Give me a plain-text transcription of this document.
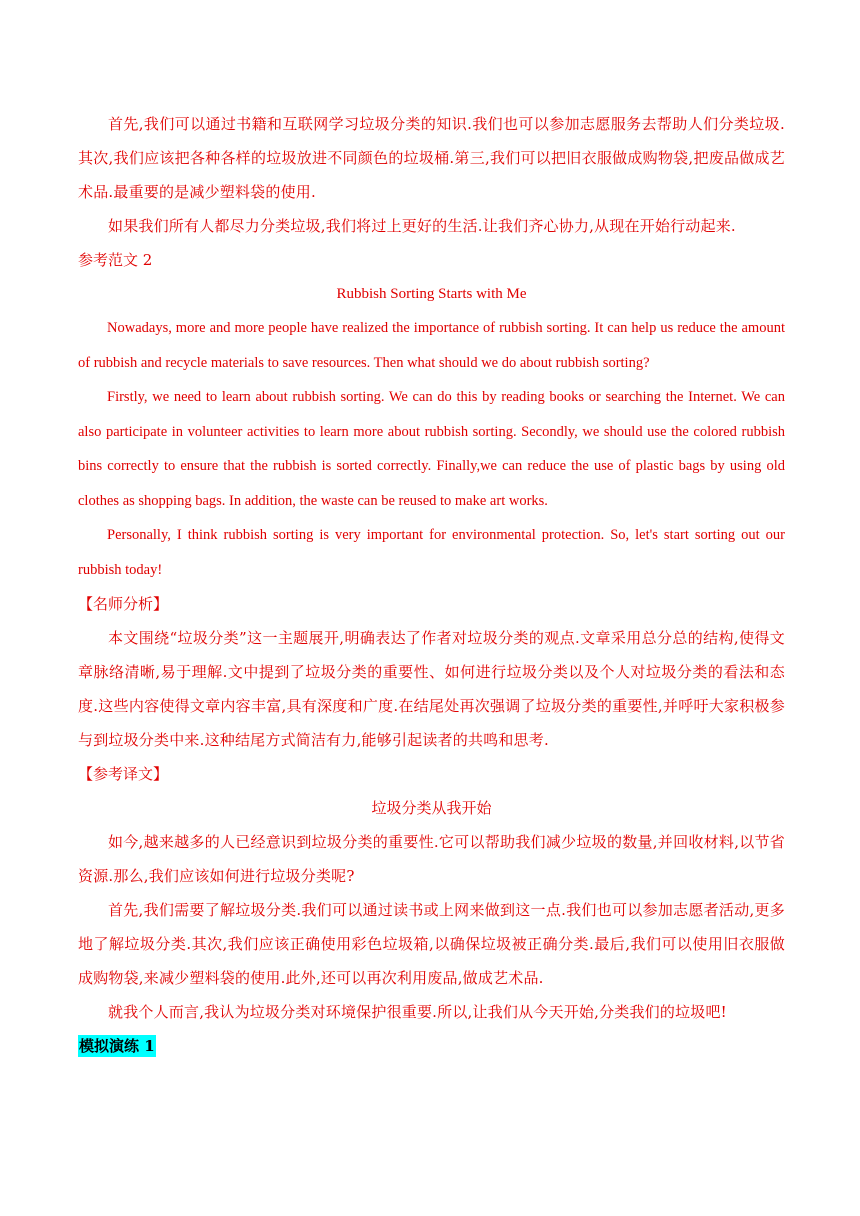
首先,我们可以通过书籍和互联网学习垃圾分类的知识.我们也可以参加志愿服务去帮助人们分类垃圾.其次,我们应该把各种各样的垃圾放进不同颜色的垃圾桶.第三,我们可以把旧衣服做成购物袋,把废品做成艺术品.最重要的是减少塑料袋的使用.

如果我们所有人都尽力分类垃圾,我们将过上更好的生活.让我们齐心协力,从现在开始行动起来.

参考范文 2

Rubbish Sorting Starts with Me

Nowadays, more and more people have realized the importance of rubbish sorting. It can help us reduce the amount of rubbish and recycle materials to save resources. Then what should we do about rubbish sorting?

Firstly, we need to learn about rubbish sorting. We can do this by reading books or searching the Internet. We can also participate in volunteer activities to learn more about rubbish sorting. Secondly, we should use the colored rubbish bins correctly to ensure that the rubbish is sorted correctly. Finally,we can reduce the use of plastic bags by using old clothes as shopping bags. In addition, the waste can be reused to make art works.

Personally, I think rubbish sorting is very important for environmental protection. So, let's start sorting out our rubbish today!

【名师分析】

本文围绕“垃圾分类”这一主题展开,明确表达了作者对垃圾分类的观点.文章采用总分总的结构,使得文章脉络清晰,易于理解.文中提到了垃圾分类的重要性、如何进行垃圾分类以及个人对垃圾分类的看法和态度.这些内容使得文章内容丰富,具有深度和广度.在结尾处再次强调了垃圾分类的重要性,并呼吁大家积极参与到垃圾分类中来.这种结尾方式简洁有力,能够引起读者的共鸣和思考.

【参考译文】

垃圾分类从我开始

如今,越来越多的人已经意识到垃圾分类的重要性.它可以帮助我们减少垃圾的数量,并回收材料,以节省资源.那么,我们应该如何进行垃圾分类呢?

首先,我们需要了解垃圾分类.我们可以通过读书或上网来做到这一点.我们也可以参加志愿者活动,更多地了解垃圾分类.其次,我们应该正确使用彩色垃圾箱,以确保垃圾被正确分类.最后,我们可以使用旧衣服做成购物袋,来减少塑料袋的使用.此外,还可以再次利用废品,做成艺术品.

就我个人而言,我认为垃圾分类对环境保护很重要.所以,让我们从今天开始,分类我们的垃圾吧!

模拟演练 1
